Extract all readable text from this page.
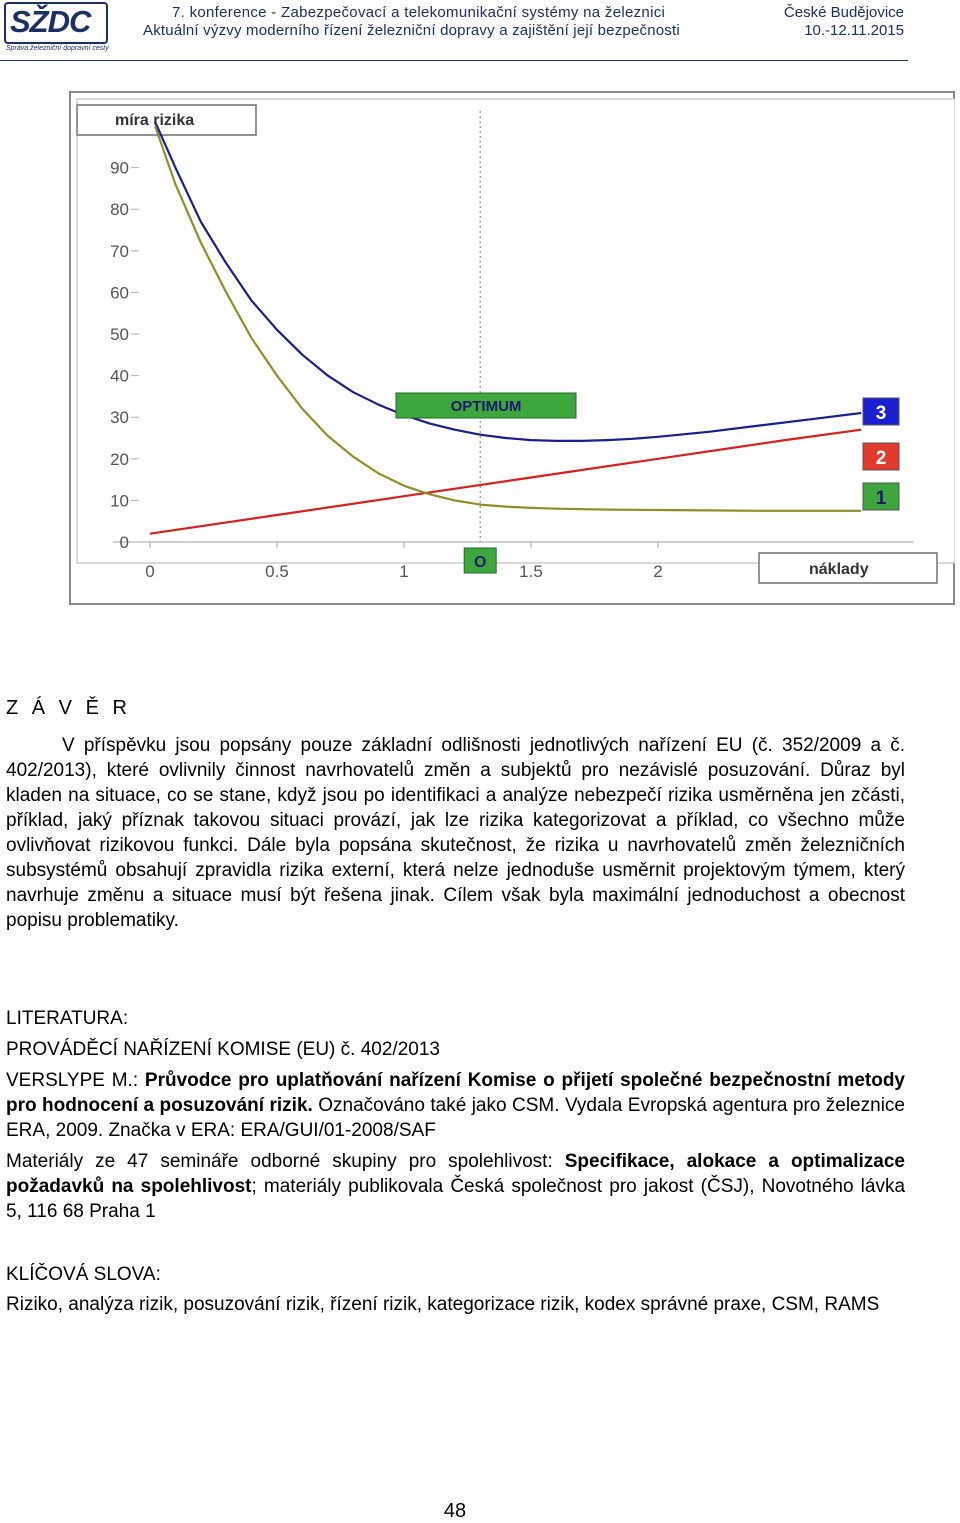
SŽDC
Správa železniční dopravní cesty
7. konference - Zabezpečovací a telekomunikační systémy na železnici
Aktuální výzvy moderního řízení železniční dopravy a zajištění její bezpečnosti
České Budějovice
10.-12.11.2015
míra rizika
náklady
0
10
20
30
40
50
60
70
80
90
0	0.5	1	1.5	2
OPTIMUM
O
3
2
1
Z Á V Ě R
V příspěvku jsou popsány pouze základní odlišnosti jednotlivých nařízení EU (č. 352/2009 a č. 402/2013), které ovlivnily činnost navrhovatelů změn a subjektů pro nezávislé posuzování. Důraz byl kladen na situace, co se stane, když jsou po identifikaci a analýze nebezpečí rizika usměrněna jen zčásti, příklad, jaký příznak takovou situaci provází, jak lze rizika kategorizovat a příklad, co všechno může ovlivňovat rizikovou funkci. Dále byla popsána skutečnost, že rizika u navrhovatelů změn železničních subsystémů obsahují zpravidla rizika externí, která nelze jednoduše usměrnit projektovým týmem, který navrhuje změnu a situace musí být řešena jinak. Cílem však byla maximální jednoduchost a obecnost popisu problematiky.
LITERATURA:
PROVÁDĚCÍ NAŘÍZENÍ KOMISE (EU) č. 402/2013
VERSLYPE M.: Průvodce pro uplatňování nařízení Komise o přijetí společné bezpečnostní metody pro hodnocení a posuzování rizik. Označováno také jako CSM. Vydala Evropská agentura pro železnice ERA, 2009. Značka v ERA: ERA/GUI/01-2008/SAF
Materiály ze 47 semináře odborné skupiny pro spolehlivost: Specifikace, alokace a optimalizace požadavků na spolehlivost; materiály publikovala Česká společnost pro jakost (ČSJ), Novotného lávka 5, 116 68 Praha 1
KLÍČOVÁ SLOVA:
Riziko, analýza rizik, posuzování rizik, řízení rizik, kategorizace rizik, kodex správné praxe, CSM, RAMS
48
